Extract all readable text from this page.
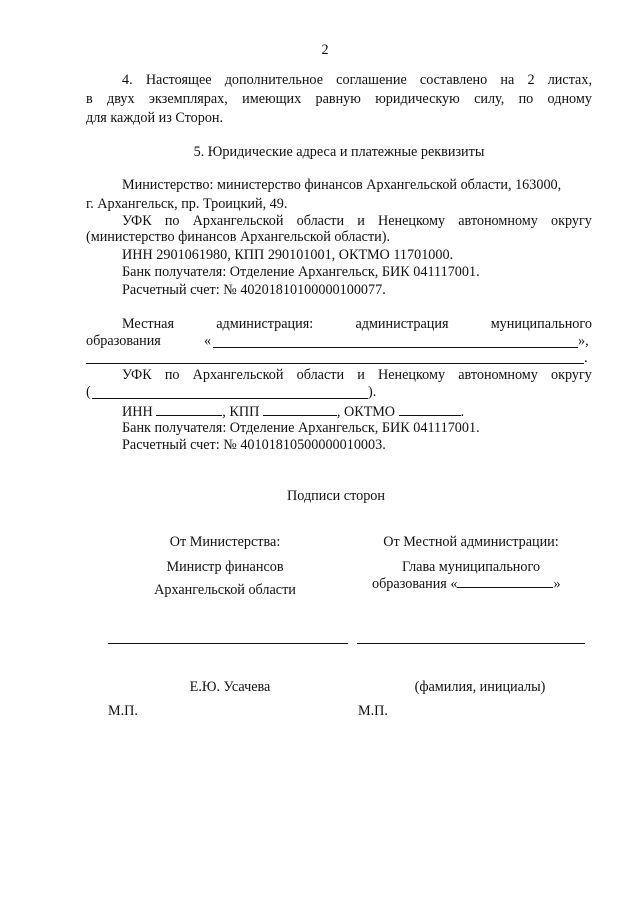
2
4. Настоящее дополнительное соглашение составлено на 2 листах,
в двух экземплярах, имеющих равную юридическую силу, по одному
для каждой из Сторон.
5. Юридические адреса и платежные реквизиты
Министерство: министерство финансов Архангельской области, 163000,
г. Архангельск, пр. Троицкий, 49.
УФК по Архангельской области и Ненецкому автономному округу
(министерство финансов Архангельской области).
ИНН 2901061980, КПП 290101001, ОКТМО 11701000.
Банк получателя: Отделение Архангельск, БИК 041117001.
Расчетный счет: № 40201810100000100077.
Местная	администрация:	администрация	муниципального
образования	«	»,
.
УФК по Архангельской области и Ненецкому автономному округу
(	).
ИНН	, КПП	, ОКТМО	.
Банк получателя: Отделение Архангельск, БИК 041117001.
Расчетный счет: № 40101810500000010003.
Подписи сторон
От Министерства:
Министр финансов
Архангельской области
От Местной администрации:
Глава муниципального
образования «	»
Е.Ю. Усачева	(фамилия, инициалы)
М.П.	М.П.
